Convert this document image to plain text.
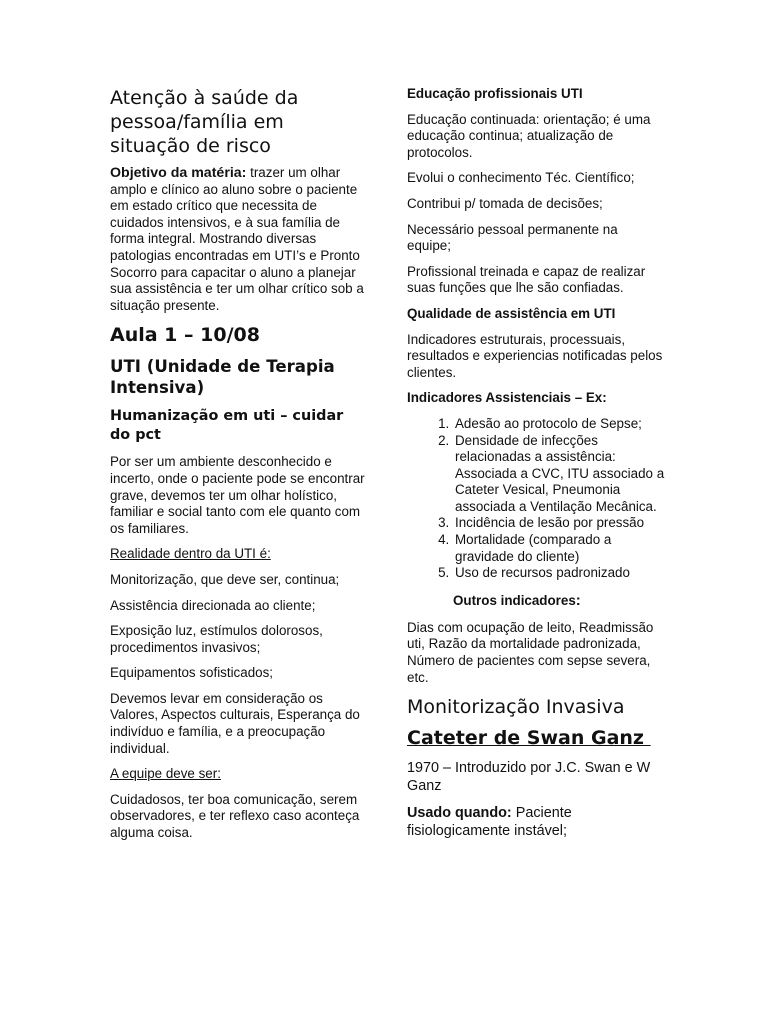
Atenção à saúde da pessoa/família em situação de risco

Objetivo da matéria: trazer um olhar amplo e clínico ao aluno sobre o paciente em estado crítico que necessita de cuidados intensivos, e à sua família de forma integral. Mostrando diversas patologias encontradas em UTI’s e Pronto Socorro para capacitar o aluno a planejar sua assistência e ter um olhar crítico sob a situação presente.

Aula 1 – 10/08
UTI (Unidade de Terapia Intensiva)
Humanização em uti – cuidar do pct

Por ser um ambiente desconhecido e incerto, onde o paciente pode se encontrar grave, devemos ter um olhar holístico, familiar e social tanto com ele quanto com os familiares.

Realidade dentro da UTI é:

Monitorização, que deve ser, continua;

Assistência direcionada ao cliente;

Exposição luz, estímulos dolorosos, procedimentos invasivos;

Equipamentos sofisticados;

Devemos levar em consideração os Valores, Aspectos culturais, Esperança do indivíduo e família, e a preocupação individual.

A equipe deve ser:

Cuidadosos, ter boa comunicação, serem observadores, e ter reflexo caso aconteça alguma coisa.

Educação profissionais UTI

Educação continuada: orientação; é uma educação continua; atualização de protocolos.

Evolui o conhecimento Téc. Científico;

Contribui p/ tomada de decisões;

Necessário pessoal permanente na equipe;

Profissional treinada e capaz de realizar suas funções que lhe são confiadas.

Qualidade de assistência em UTI

Indicadores estruturais, processuais, resultados e experiencias notificadas pelos clientes.

Indicadores Assistenciais – Ex:

1. Adesão ao protocolo de Sepse;
2. Densidade de infecções relacionadas a assistência: Associada a CVC, ITU associado a Cateter Vesical, Pneumonia associada a Ventilação Mecânica.
3. Incidência de lesão por pressão
4. Mortalidade (comparado a gravidade do cliente)
5. Uso de recursos padronizado

Outros indicadores:

Dias com ocupação de leito, Readmissão uti, Razão da mortalidade padronizada, Número de pacientes com sepse severa, etc.

Monitorização Invasiva
Cateter de Swan Ganz

1970 – Introduzido por J.C. Swan e W Ganz

Usado quando: Paciente fisiologicamente instável;
